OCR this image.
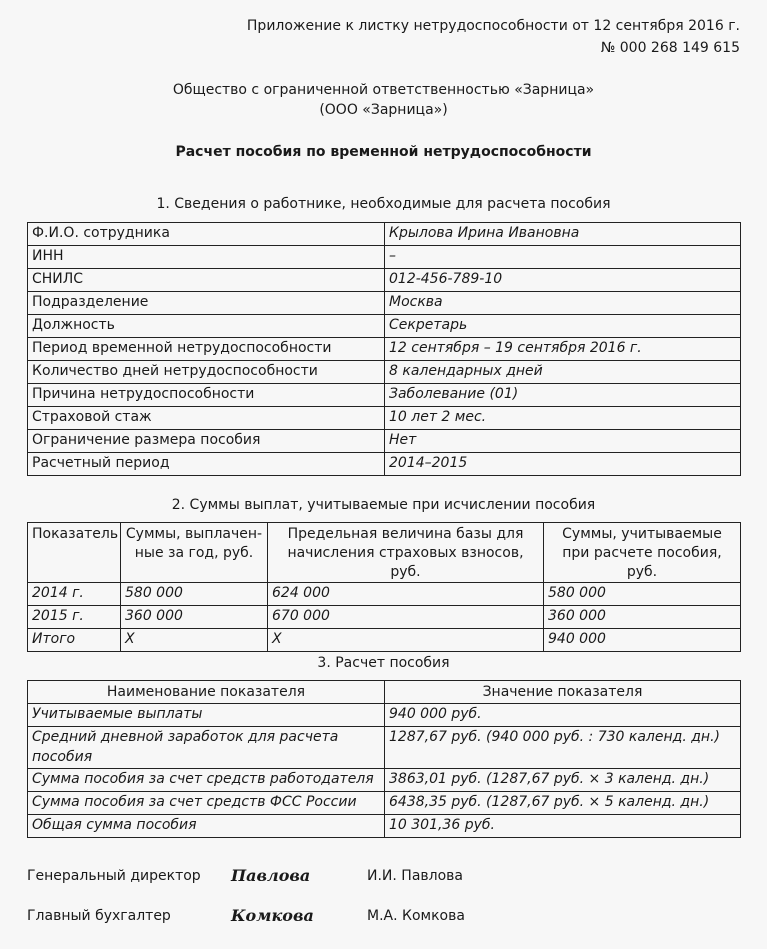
Приложение к листку нетрудоспособности от 12 сентября 2016 г.
№ 000 268 149 615
Общество с ограниченной ответственностью «Зарница»
(ООО «Зарница»)
Расчет пособия по временной нетрудоспособности
1. Сведения о работнике, необходимые для расчета пособия
Ф.И.О. сотрудника	Крылова Ирина Ивановна
ИНН	–
СНИЛС	012-456-789-10
Подразделение	Москва
Должность	Секретарь
Период временной нетрудоспособности	12 сентября – 19 сентября 2016 г.
Количество дней нетрудоспособности	8 календарных дней
Причина нетрудоспособности	Заболевание (01)
Страховой стаж	10 лет 2 мес.
Ограничение размера пособия	Нет
Расчетный период	2014–2015
2. Суммы выплат, учитываемые при исчислении пособия
Показатель	Суммы, выплачен-ные за год, руб.	Предельная величина базы для начисления страховых взносов, руб.	Суммы, учитываемые при расчете пособия, руб.
2014 г.	580 000	624 000	580 000
2015 г.	360 000	670 000	360 000
Итого	X	X	940 000
3. Расчет пособия
Наименование показателя	Значение показателя
Учитываемые выплаты	940 000 руб.
Средний дневной заработок для расчета пособия	1287,67 руб. (940 000 руб. : 730 календ. дн.)
Сумма пособия за счет средств работодателя	3863,01 руб. (1287,67 руб. × 3 календ. дн.)
Сумма пособия за счет средств ФСС России	6438,35 руб. (1287,67 руб. × 5 календ. дн.)
Общая сумма пособия	10 301,36 руб.
Генеральный директор Павлова	И.И. Павлова
Главный бухгалтер	Комкова	М.А. Комкова
